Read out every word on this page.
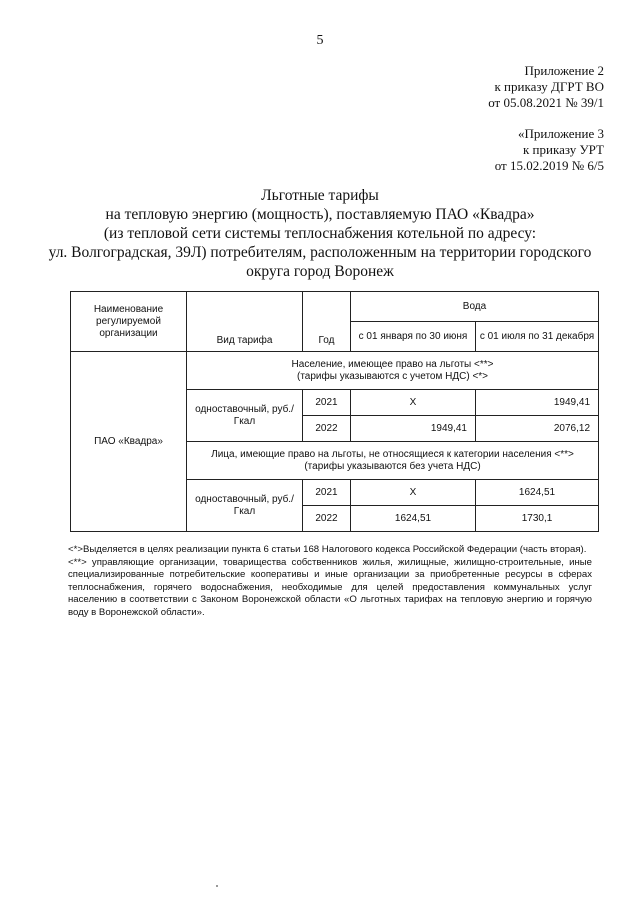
5
Приложение 2
к приказу ДГРТ ВО
от 05.08.2021 № 39/1
«Приложение 3
к приказу УРТ
от 15.02.2019 № 6/5
Льготные тарифы
на тепловую энергию (мощность), поставляемую ПАО «Квадра»
(из тепловой сети системы теплоснабжения котельной по адресу:
ул. Волгоградская, 39Л) потребителям, расположенным на территории городского
округа город Воронеж
Наименование регулируемой организации	Вид тарифа	Год	Вода	
			с 01 января по 30 июня	с 01 июля по 31 декабря
ПАО «Квадра»	Население, имеющее право на льготы <**>
(тарифы указываются с учетом НДС) <*>			

	одноставочный, руб./Гкал	2021	X	1949,41
		2022	1949,41	2076,12

	Лица, имеющие право на льготы, не относящиеся к категории населения <**>
(тарифы указываются без учета НДС)			

	одноставочный, руб./Гкал	2021	X	1624,51
		2022	1624,51	1730,1

<*>Выделяется в целях реализации пункта 6 статьи 168 Налогового кодекса Российской Федерации (часть вторая).

<**> управляющие организации, товарищества собственников жилья, жилищные, жилищно-строительные, иные специализированные потребительские кооперативы и иные организации за приобретенные ресурсы в сферах теплоснабжения, горячего водоснабжения, необходимые для целей предоставления коммунальных услуг населению в соответствии с Законом Воронежской области «О льготных тарифах на тепловую энергию и горячую воду в Воронежской области».
